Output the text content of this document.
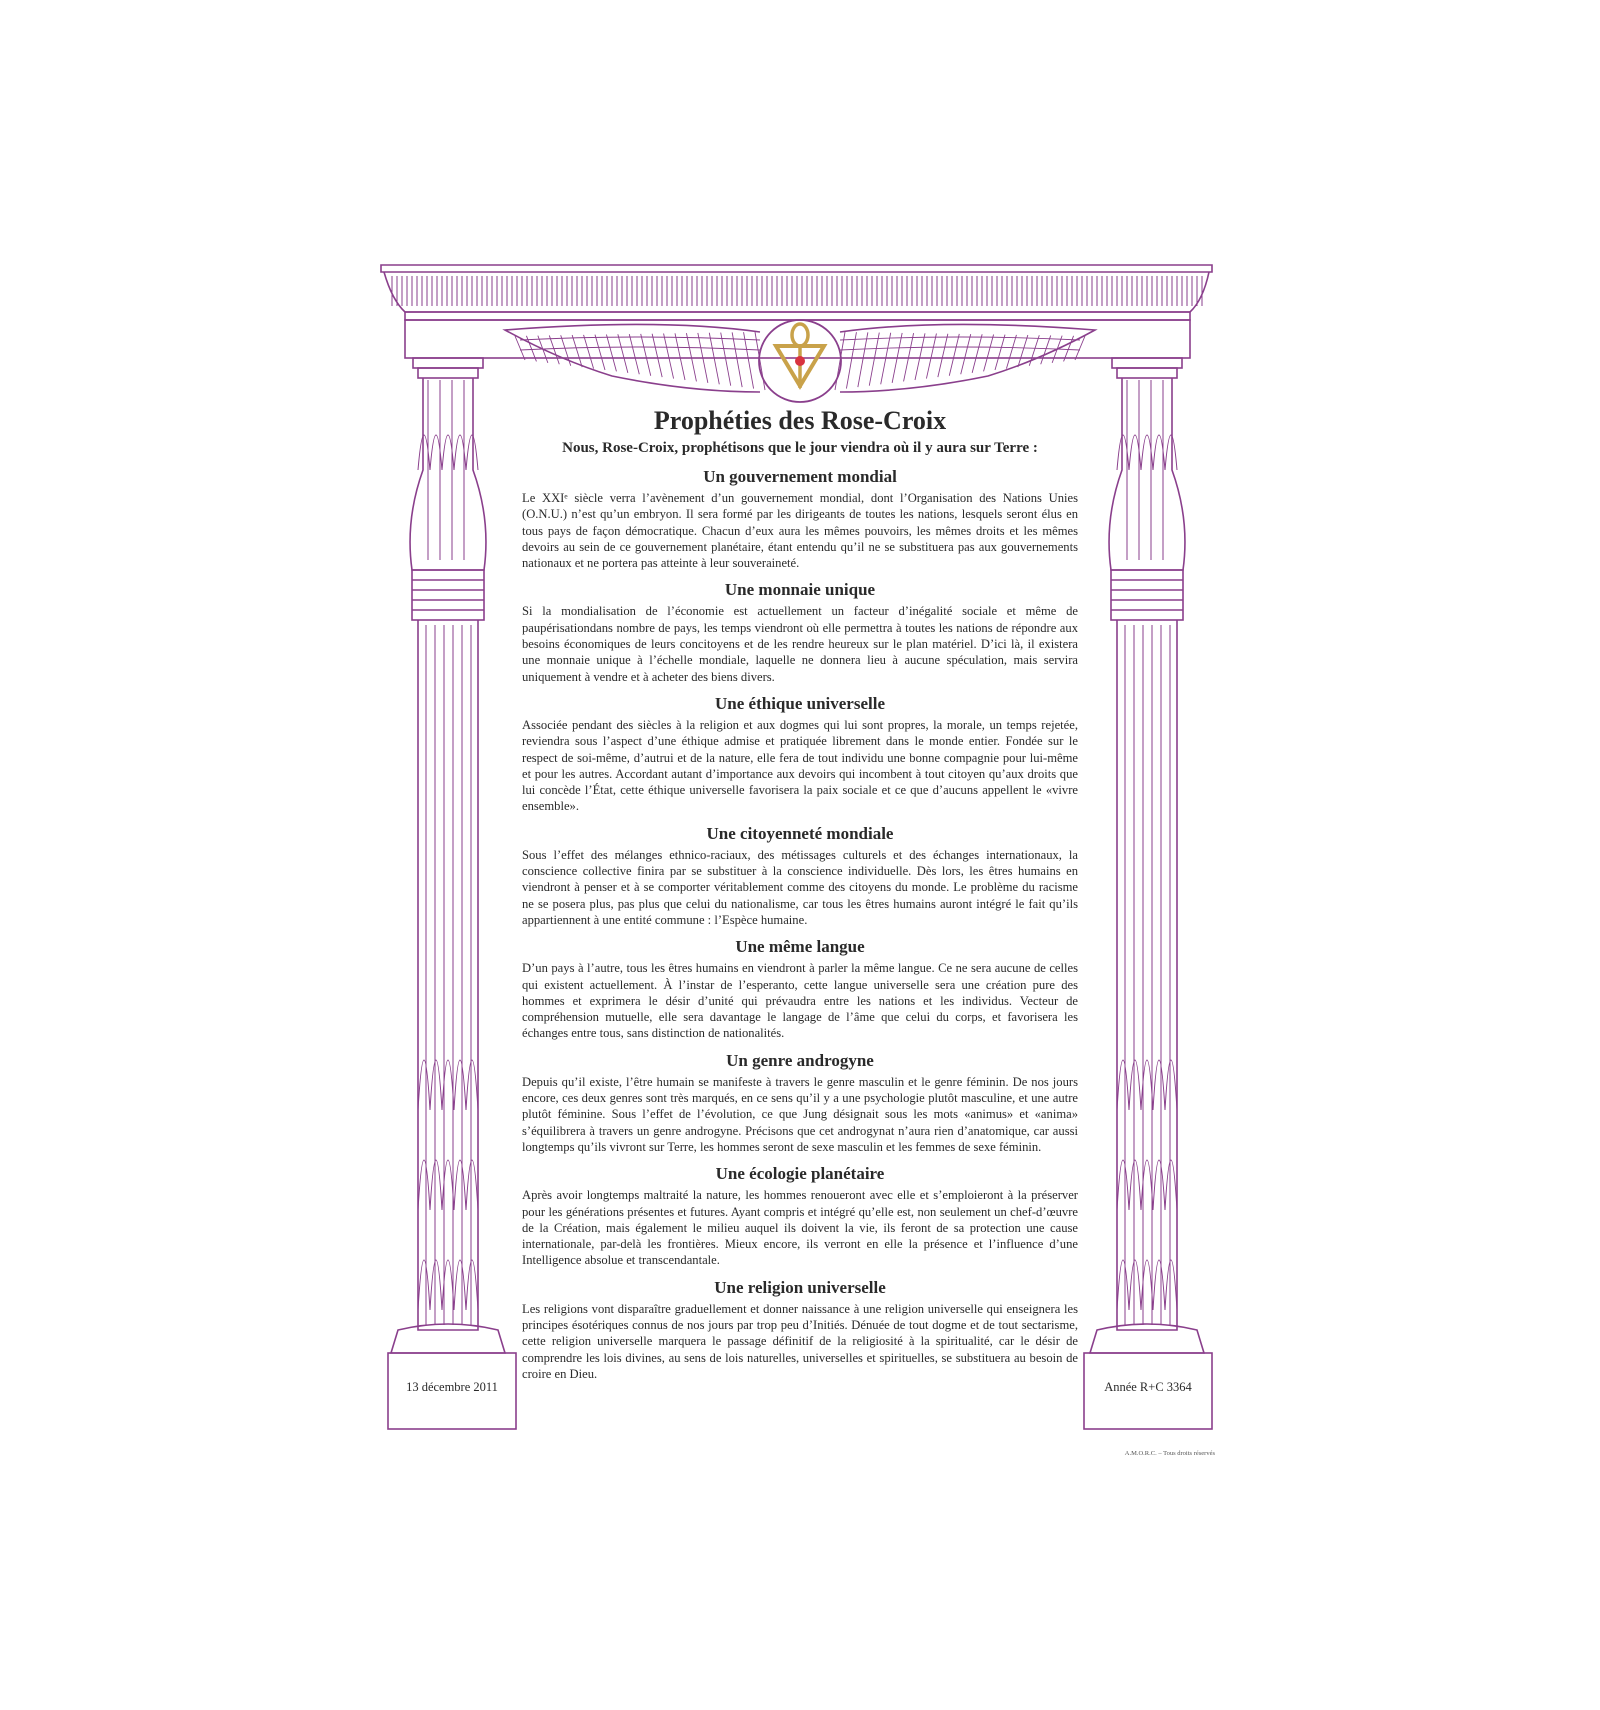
Prophéties des Rose-Croix
Nous, Rose-Croix, prophétisons que le jour viendra où il y aura sur Terre :
Un gouvernement mondial

Le XXIᵉ siècle verra l’avènement d’un gouvernement mondial, dont l’Organisation des Nations Unies (O.N.U.) n’est qu’un embryon. Il sera formé par les dirigeants de toutes les nations, lesquels seront élus en tous pays de façon démocratique. Chacun d’eux aura les mêmes pouvoirs, les mêmes droits et les mêmes devoirs au sein de ce gouvernement planétaire, étant entendu qu’il ne se substituera pas aux gouvernements nationaux et ne portera pas atteinte à leur souveraineté.

Une monnaie unique

Si la mondialisation de l’économie est actuellement un facteur d’inégalité sociale et même de paupérisationdans nombre de pays, les temps viendront où elle permettra à toutes les nations de répondre aux besoins économiques de leurs concitoyens et de les rendre heureux sur le plan matériel. D’ici là, il existera une monnaie unique à l’échelle mondiale, laquelle ne donnera lieu à aucune spéculation, mais servira uniquement à vendre et à acheter des biens divers.

Une éthique universelle

Associée pendant des siècles à la religion et aux dogmes qui lui sont propres, la morale, un temps rejetée, reviendra sous l’aspect d’une éthique admise et pratiquée librement dans le monde entier. Fondée sur le respect de soi-même, d’autrui et de la nature, elle fera de tout individu une bonne compagnie pour lui-même et pour les autres. Accordant autant d’importance aux devoirs qui incombent à tout citoyen qu’aux droits que lui concède l’État, cette éthique universelle favorisera la paix sociale et ce que d’aucuns appellent le «vivre ensemble».

Une citoyenneté mondiale

Sous l’effet des mélanges ethnico-raciaux, des métissages culturels et des échanges internationaux, la conscience collective finira par se substituer à la conscience individuelle. Dès lors, les êtres humains en viendront à penser et à se comporter véritablement comme des citoyens du monde. Le problème du racisme ne se posera plus, pas plus que celui du nationalisme, car tous les êtres humains auront intégré le fait qu’ils appartiennent à une entité commune : l’Espèce humaine.

Une même langue

D’un pays à l’autre, tous les êtres humains en viendront à parler la même langue. Ce ne sera aucune de celles qui existent actuellement. À l’instar de l’esperanto, cette langue universelle sera une création pure des hommes et exprimera le désir d’unité qui prévaudra entre les nations et les individus. Vecteur de compréhension mutuelle, elle sera davantage le langage de l’âme que celui du corps, et favorisera les échanges entre tous, sans distinction de nationalités.

Un genre androgyne

Depuis qu’il existe, l’être humain se manifeste à travers le genre masculin et le genre féminin. De nos jours encore, ces deux genres sont très marqués, en ce sens qu’il y a une psychologie plutôt masculine, et une autre plutôt féminine. Sous l’effet de l’évolution, ce que Jung désignait sous les mots «animus» et «anima» s’équilibrera à travers un genre androgyne. Précisons que cet androgynat n’aura rien d’anatomique, car aussi longtemps qu’ils vivront sur Terre, les hommes seront de sexe masculin et les femmes de sexe féminin.

Une écologie planétaire

Après avoir longtemps maltraité la nature, les hommes renoueront avec elle et s’emploieront à la préserver pour les générations présentes et futures. Ayant compris et intégré qu’elle est, non seulement un chef-d’œuvre de la Création, mais également le milieu auquel ils doivent la vie, ils feront de sa protection une cause internationale, par-delà les frontières. Mieux encore, ils verront en elle la présence et l’influence d’une Intelligence absolue et transcendantale.

Une religion universelle

Les religions vont disparaître graduellement et donner naissance à une religion universelle qui enseignera les principes ésotériques connus de nos jours par trop peu d’Initiés. Dénuée de tout dogme et de tout sectarisme, cette religion universelle marquera le passage définitif de la religiosité à la spiritualité, car le désir de comprendre les lois divines, au sens de lois naturelles, universelles et spirituelles, se substituera au besoin de croire en Dieu.

13 décembre 2011	Année R+C 3364
A.M.O.R.C. – Tous droits réservés
